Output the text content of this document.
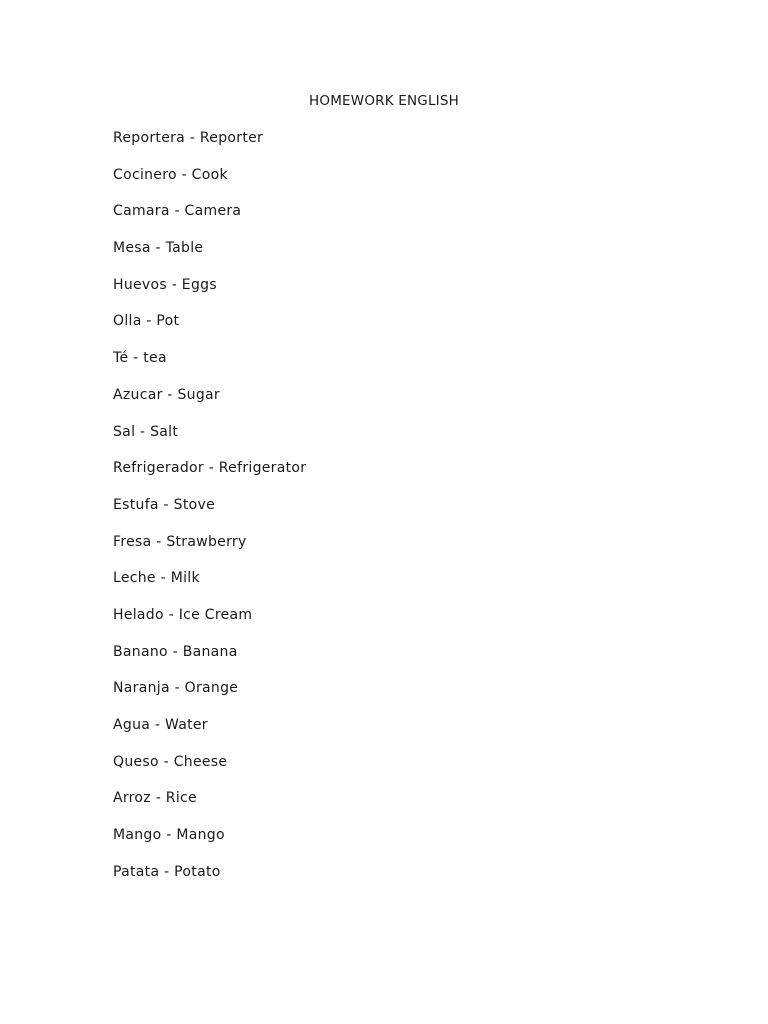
HOMEWORK ENGLISH
Reportera - Reporter
Cocinero - Cook
Camara - Camera
Mesa - Table
Huevos - Eggs
Olla - Pot
Té - tea
Azucar - Sugar
Sal - Salt
Refrigerador - Refrigerator
Estufa - Stove
Fresa - Strawberry
Leche - Milk
Helado - Ice Cream
Banano - Banana
Naranja - Orange
Agua - Water
Queso - Cheese
Arroz - Rice
Mango - Mango
Patata - Potato
